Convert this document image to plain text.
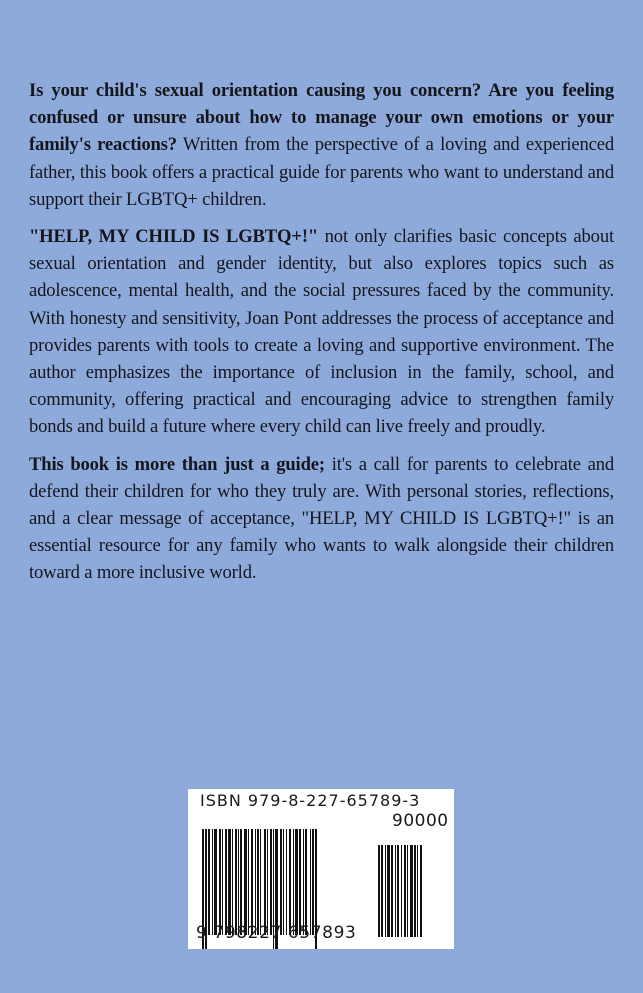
Is your child's sexual orientation causing you concern? Are you feeling confused or unsure about how to manage your own emotions or your family's reactions? Written from the perspective of a loving and experienced father, this book offers a practical guide for parents who want to understand and support their LGBTQ+ children.

"HELP, MY CHILD IS LGBTQ+!" not only clarifies basic concepts about sexual orientation and gender identity, but also explores topics such as adolescence, mental health, and the social pressures faced by the community. With honesty and sensitivity, Joan Pont addresses the process of acceptance and provides parents with tools to create a loving and supportive environment. The author emphasizes the importance of inclusion in the family, school, and community, offering practical and encouraging advice to strengthen family bonds and build a future where every child can live freely and proudly.

This book is more than just a guide; it's a call for parents to celebrate and defend their children for who they truly are. With personal stories, reflections, and a clear message of acceptance, "HELP, MY CHILD IS LGBTQ+!" is an essential resource for any family who wants to walk alongside their children toward a more inclusive world.

ISBN 979-8-227-65789-3
90000
9 798227 657893
